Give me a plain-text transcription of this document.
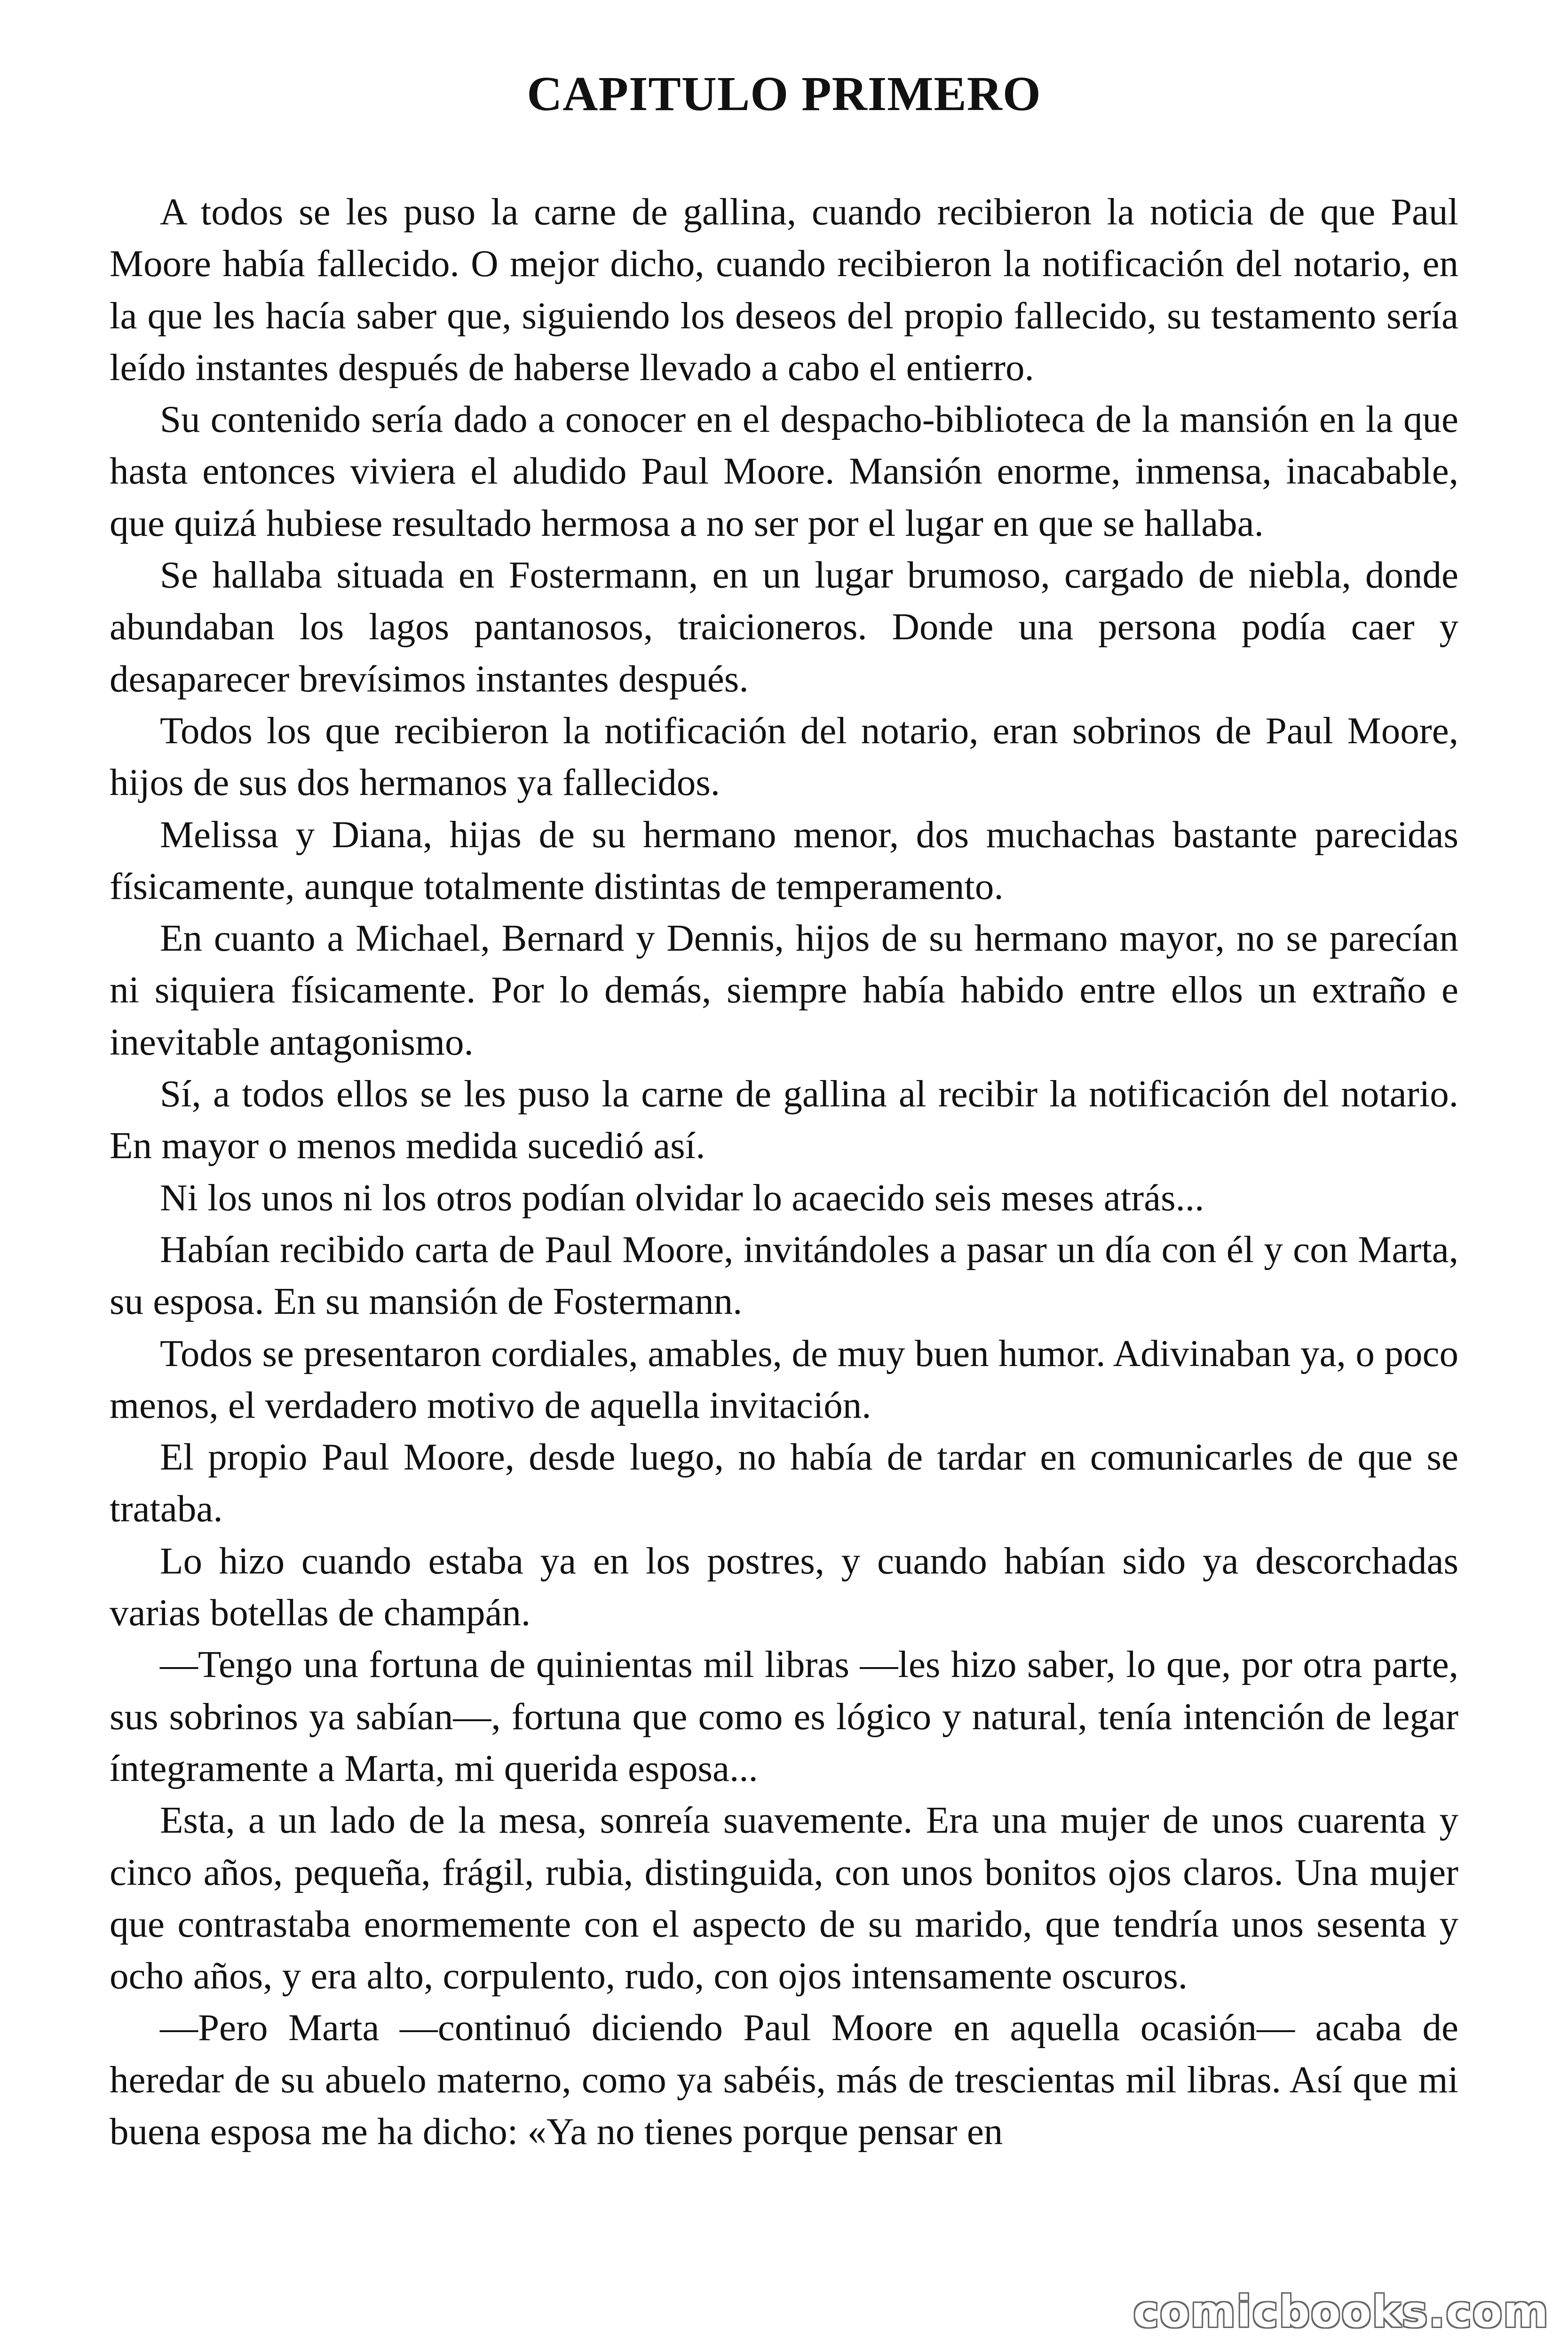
CAPITULO PRIMERO

A todos se les puso la carne de gallina, cuando recibieron la noticia de que Paul Moore había fallecido. O mejor dicho, cuando recibieron la notificación del notario, en la que les hacía saber que, siguiendo los deseos del propio fallecido, su testamento sería leído instantes después de haberse llevado a cabo el entierro.

Su contenido sería dado a conocer en el despacho-biblioteca de la mansión en la que hasta entonces viviera el aludido Paul Moore. Mansión enorme, inmensa, inacabable, que quizá hubiese resultado hermosa a no ser por el lugar en que se hallaba.

Se hallaba situada en Fostermann, en un lugar brumoso, cargado de niebla, donde abundaban los lagos pantanosos, traicioneros. Donde una persona podía caer y desaparecer brevísimos instantes después.

Todos los que recibieron la notificación del notario, eran sobrinos de Paul Moore, hijos de sus dos hermanos ya fallecidos.

Melissa y Diana, hijas de su hermano menor, dos muchachas bastante parecidas físicamente, aunque totalmente distintas de temperamento.

En cuanto a Michael, Bernard y Dennis, hijos de su hermano mayor, no se parecían ni siquiera físicamente. Por lo demás, siempre había habido entre ellos un extraño e inevitable antagonismo.

Sí, a todos ellos se les puso la carne de gallina al recibir la notificación del notario. En mayor o menos medida sucedió así.

Ni los unos ni los otros podían olvidar lo acaecido seis meses atrás...

Habían recibido carta de Paul Moore, invitándoles a pasar un día con él y con Marta, su esposa. En su mansión de Fostermann.

Todos se presentaron cordiales, amables, de muy buen humor. Adivinaban ya, o poco menos, el verdadero motivo de aquella invitación.

El propio Paul Moore, desde luego, no había de tardar en comunicarles de que se trataba.

Lo hizo cuando estaba ya en los postres, y cuando habían sido ya descorchadas varias botellas de champán.

—Tengo una fortuna de quinientas mil libras —les hizo saber, lo que, por otra parte, sus sobrinos ya sabían—, fortuna que como es lógico y natural, tenía intención de legar íntegramente a Marta, mi querida esposa...

Esta, a un lado de la mesa, sonreía suavemente. Era una mujer de unos cuarenta y cinco años, pequeña, frágil, rubia, distinguida, con unos bonitos ojos claros. Una mujer que contrastaba enormemente con el aspecto de su marido, que tendría unos sesenta y ocho años, y era alto, corpulento, rudo, con ojos intensamente oscuros.

—Pero Marta —continuó diciendo Paul Moore en aquella ocasión— acaba de heredar de su abuelo materno, como ya sabéis, más de trescientas mil libras. Así que mi buena esposa me ha dicho: «Ya no tienes porque pensar en

comicbooks.com
